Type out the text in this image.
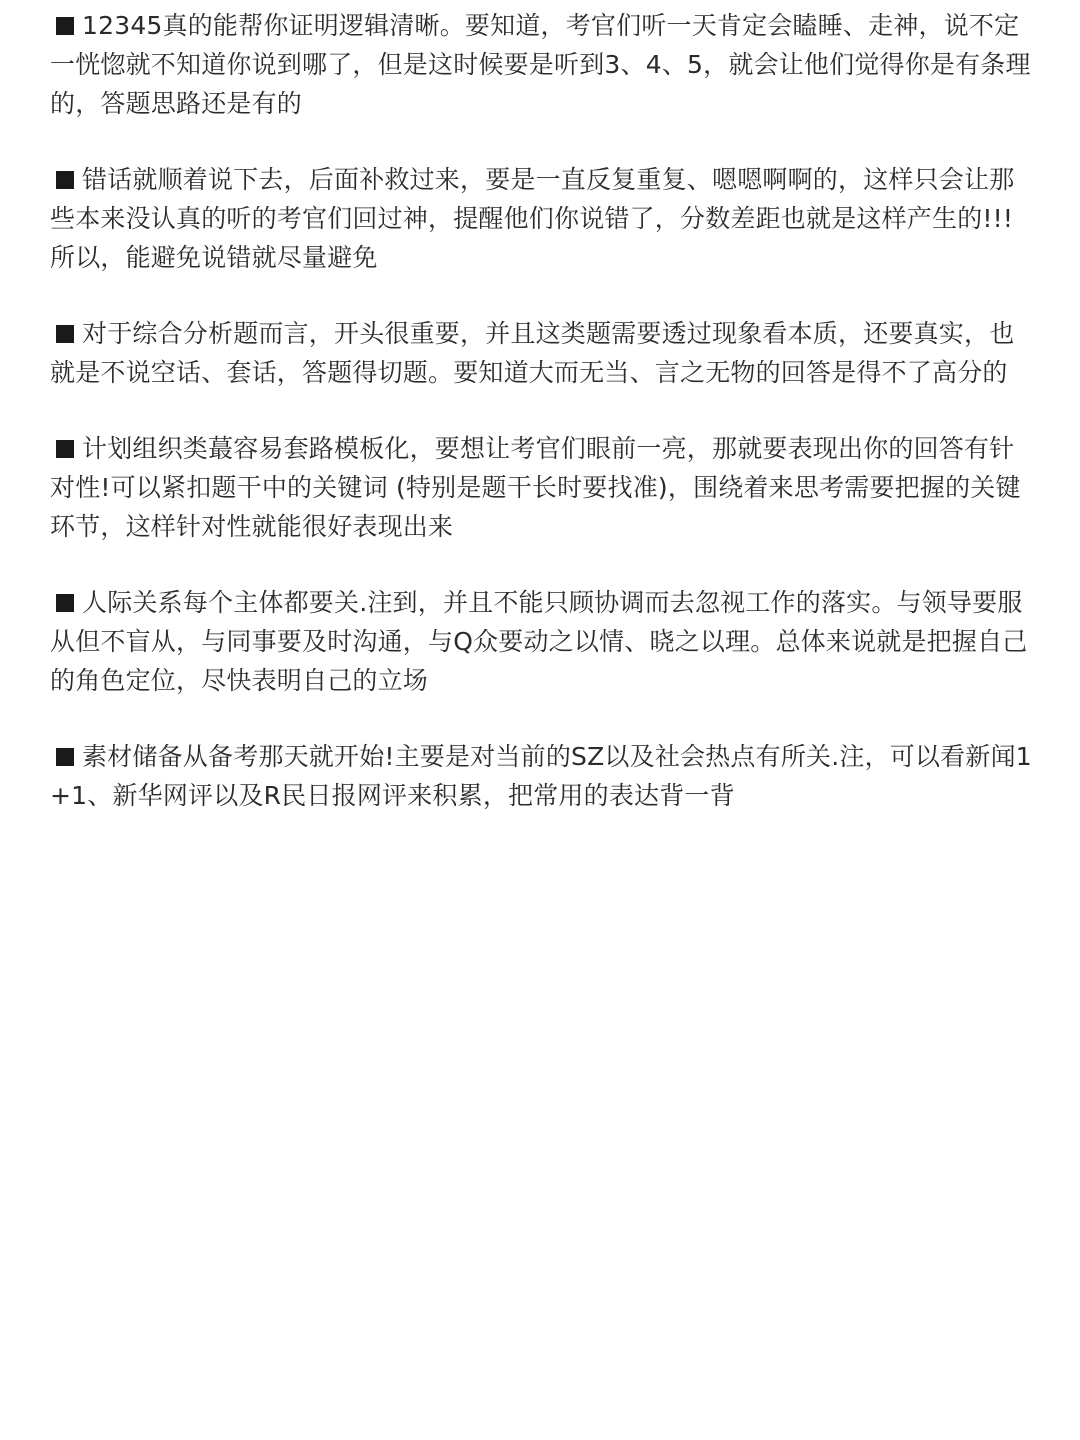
12345真的能帮你证明逻辑清晰。要知道，考官们听一天肯定会瞌睡、走神，说不定一恍惚就不知道你说到哪了，但是这时候要是听到3、4、5，就会让他们觉得你是有条理的，答题思路还是有的

错话就顺着说下去，后面补救过来，要是一直反复重复、嗯嗯啊啊的，这样只会让那些本来没认真的听的考官们回过神，提醒他们你说错了，分数差距也就是这样产生的!!!所以，能避免说错就尽量避免

对于综合分析题而言，开头很重要，并且这类题需要透过现象看本质，还要真实，也就是不说空话、套话，答题得切题。要知道大而无当、言之无物的回答是得不了高分的

计划组织类蕞容易套路模板化，要想让考官们眼前一亮，那就要表现出你的回答有针对性!可以紧扣题干中的关键词 (特别是题干长时要找准)，围绕着来思考需要把握的关键环节，这样针对性就能很好表现出来

人际关系每个主体都要关.注到，并且不能只顾协调而去忽视工作的落实。与领导要服从但不盲从，与同事要及时沟通，与Q众要动之以情、晓之以理。总体来说就是把握自己的角色定位，尽快表明自己的立场

素材储备从备考那天就开始!主要是对当前的SZ以及社会热点有所关.注，可以看新闻1+1、新华网评以及R民日报网评来积累，把常用的表达背一背
